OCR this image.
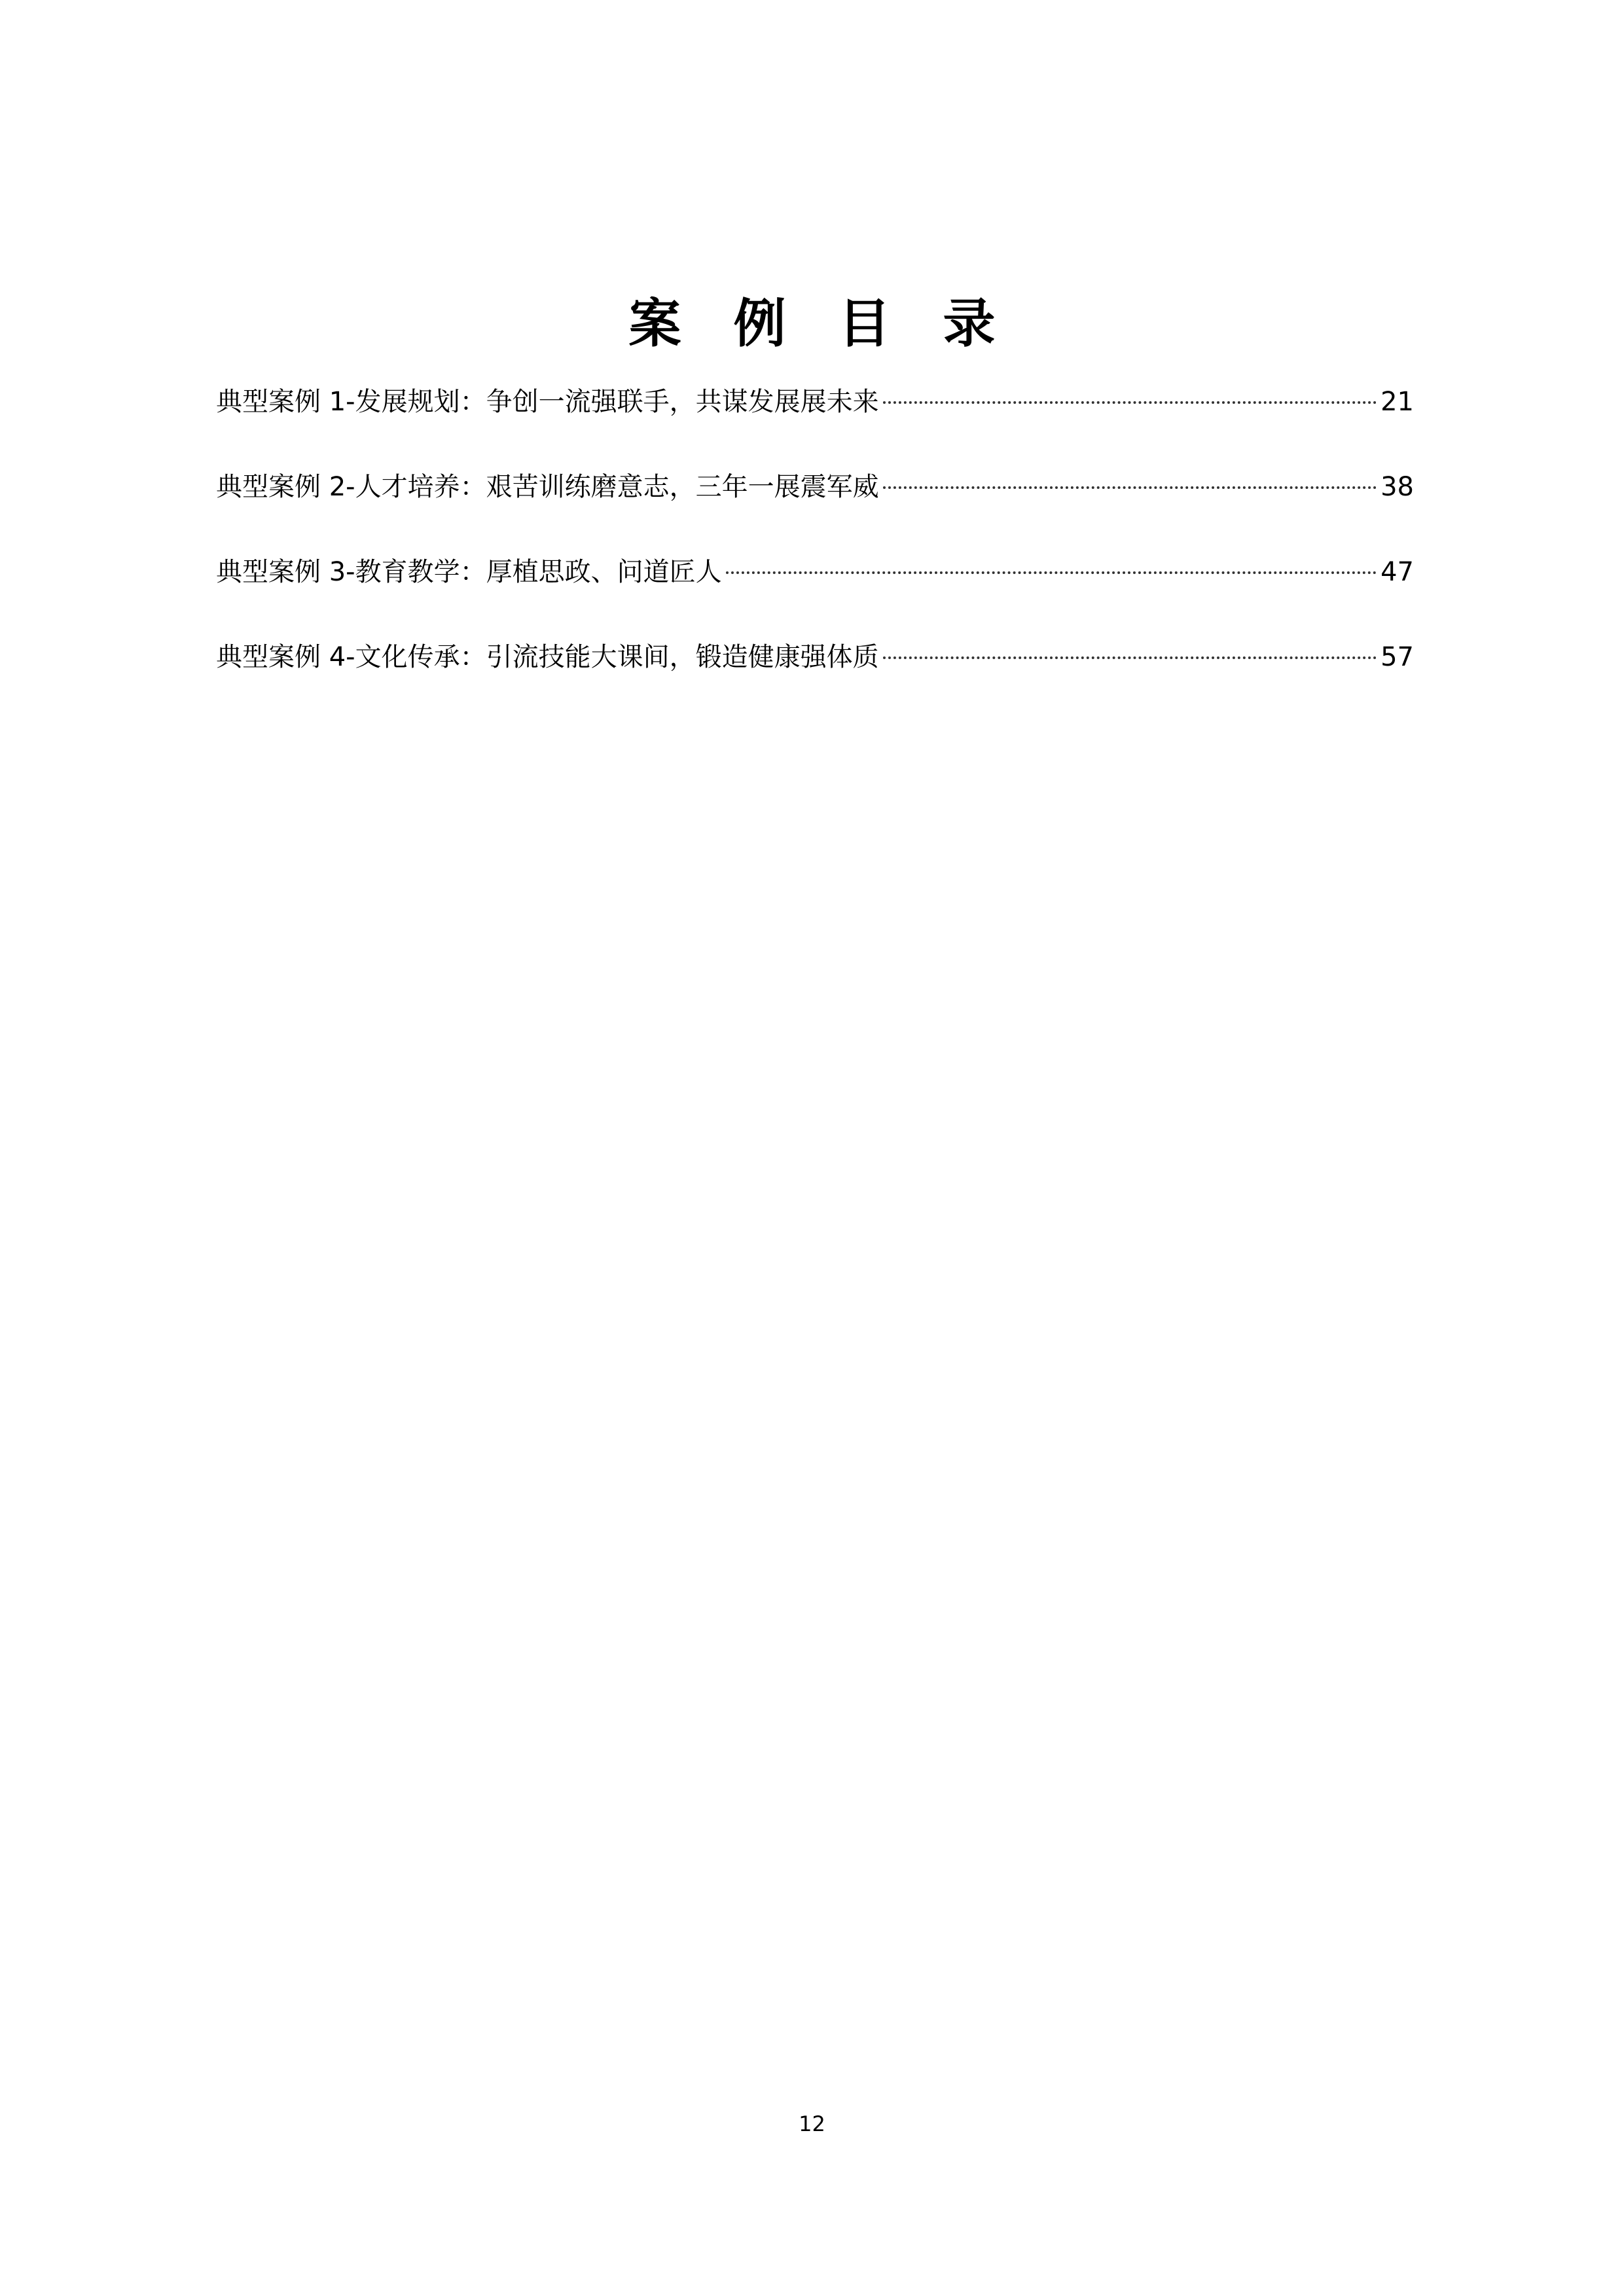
案 例 目 录
典型案例 1-发展规划：争创一流强联手，共谋发展展未来	21
典型案例 2-人才培养：艰苦训练磨意志，三年一展震军威	38
典型案例 3-教育教学：厚植思政、问道匠人	47
典型案例 4-文化传承：引流技能大课间，锻造健康强体质	57
12
